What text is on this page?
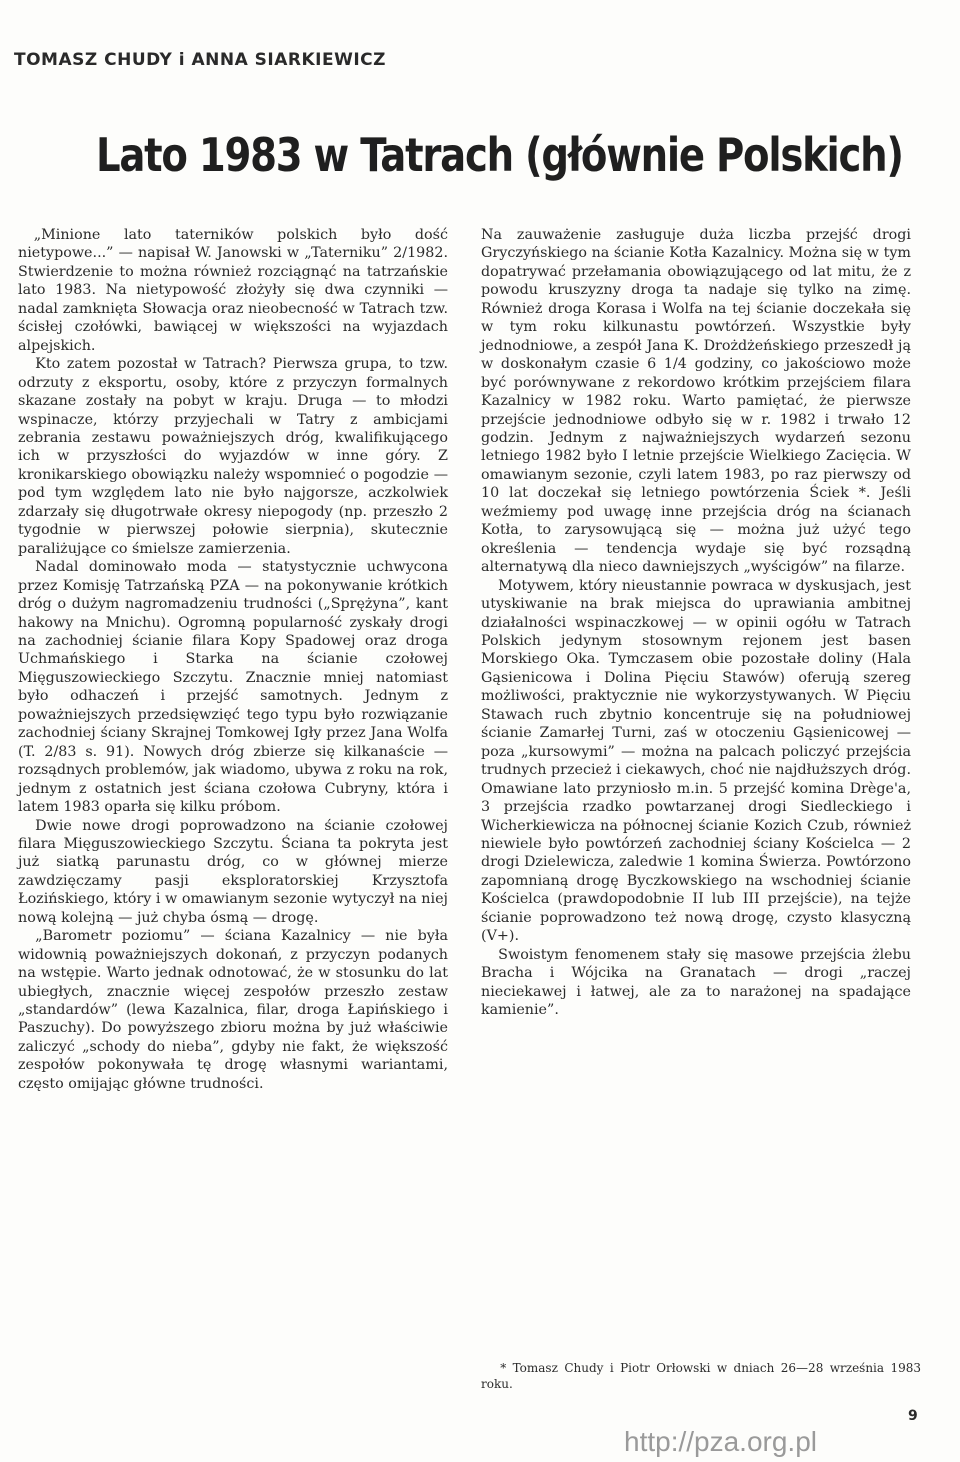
TOMASZ CHUDY i ANNA SIARKIEWICZ
Lato 1983 w Tatrach (głównie Polskich)

„Minione lato taterników polskich było dość nietypowe...” — napisał W. Janowski w „Taterniku” 2/1982. Stwierdzenie to można również rozciągnąć na tatrzańskie lato 1983. Na nietypowość złożyły się dwa czynniki — nadal zamknięta Słowacja oraz nieobecność w Tatrach tzw. ścisłej czołówki, bawiącej w większości na wyjazdach alpejskich.

Kto zatem pozostał w Tatrach? Pierwsza grupa, to tzw. odrzuty z eksportu, osoby, które z przyczyn formalnych skazane zostały na pobyt w kraju. Druga — to młodzi wspinacze, którzy przyjechali w Tatry z ambicjami zebrania zestawu poważniejszych dróg, kwalifikującego ich w przyszłości do wyjazdów w inne góry. Z kronikarskiego obowiązku należy wspomnieć o pogodzie — pod tym względem lato nie było najgorsze, aczkolwiek zdarzały się długotrwałe okresy niepogody (np. przeszło 2 tygodnie w pierwszej połowie sierpnia), skutecznie paraliżujące co śmielsze zamierzenia.

Nadal dominowało moda — statystycznie uchwycona przez Komisję Tatrzańską PZA — na pokonywanie krótkich dróg o dużym nagromadzeniu trudności („Sprężyna”, kant hakowy na Mnichu). Ogromną popularność zyskały drogi na zachodniej ścianie filara Kopy Spadowej oraz droga Uchmańskiego i Starka na ścianie czołowej Mięguszowieckiego Szczytu. Znacznie mniej natomiast było odhaczeń i przejść samotnych. Jednym z poważniejszych przedsięwzięć tego typu było rozwiązanie zachodniej ściany Skrajnej Tomkowej Igły przez Jana Wolfa (T. 2/83 s. 91). Nowych dróg zbierze się kilkanaście — rozsądnych problemów, jak wiadomo, ubywa z roku na rok, jednym z ostatnich jest ściana czołowa Cubryny, która i latem 1983 oparła się kilku próbom.

Dwie nowe drogi poprowadzono na ścianie czołowej filara Mięguszowieckiego Szczytu. Ściana ta pokryta jest już siatką parunastu dróg, co w głównej mierze zawdzięczamy pasji eksploratorskiej Krzysztofa Łozińskiego, który i w omawianym sezonie wytyczył na niej nową kolejną — już chyba ósmą — drogę.

„Barometr poziomu” — ściana Kazalnicy — nie była widownią poważniejszych dokonań, z przyczyn podanych na wstępie. Warto jednak odnotować, że w stosunku do lat ubiegłych, znacznie więcej zespołów przeszło zestaw „standardów” (lewa Kazalnica, filar, droga Łapińskiego i Paszuchy). Do powyższego zbioru można by już właściwie zaliczyć „schody do nieba”, gdyby nie fakt, że większość zespołów pokonywała tę drogę własnymi wariantami, często omijając główne trudności.

Na zauważenie zasługuje duża liczba przejść drogi Gryczyńskiego na ścianie Kotła Kazalnicy. Można się w tym dopatrywać przełamania obowiązującego od lat mitu, że z powodu kruszyzny droga ta nadaje się tylko na zimę. Również droga Korasa i Wolfa na tej ścianie doczekała się w tym roku kilkunastu powtórzeń. Wszystkie były jednodniowe, a zespół Jana K. Drożdżeńskiego przeszedł ją w doskonałym czasie 6 1/4 godziny, co jakościowo może być porównywane z rekordowo krótkim przejściem filara Kazalnicy w 1982 roku. Warto pamiętać, że pierwsze przejście jednodniowe odbyło się w r. 1982 i trwało 12 godzin. Jednym z najważniejszych wydarzeń sezonu letniego 1982 było I letnie przejście Wielkiego Zacięcia. W omawianym sezonie, czyli latem 1983, po raz pierwszy od 10 lat doczekał się letniego powtórzenia Ściek *. Jeśli weźmiemy pod uwagę inne przejścia dróg na ścianach Kotła, to zarysowującą się — można już użyć tego określenia — tendencja wydaje się być rozsądną alternatywą dla nieco dawniejszych „wyścigów” na filarze.

Motywem, który nieustannie powraca w dyskusjach, jest utyskiwanie na brak miejsca do uprawiania ambitnej działalności wspinaczkowej — w opinii ogółu w Tatrach Polskich jedynym stosownym rejonem jest basen Morskiego Oka. Tymczasem obie pozostałe doliny (Hala Gąsienicowa i Dolina Pięciu Stawów) oferują szereg możliwości, praktycznie nie wykorzystywanych. W Pięciu Stawach ruch zbytnio koncentruje się na południowej ścianie Zamarłej Turni, zaś w otoczeniu Gąsienicowej — poza „kursowymi” — można na palcach policzyć przejścia trudnych przecież i ciekawych, choć nie najdłuższych dróg. Omawiane lato przyniosło m.in. 5 przejść komina Drège'a, 3 przejścia rzadko powtarzanej drogi Siedleckiego i Wicherkiewicza na północnej ścianie Kozich Czub, również niewiele było powtórzeń zachodniej ściany Kościelca — 2 drogi Dzielewicza, zaledwie 1 komina Świerza. Powtórzono zapomnianą drogę Byczkowskiego na wschodniej ścianie Kościelca (prawdopodobnie II lub III przejście), na tejże ścianie poprowadzono też nową drogę, czysto klasyczną (V+).

Swoistym fenomenem stały się masowe przejścia żlebu Bracha i Wójcika na Granatach — drogi „raczej nieciekawej i łatwej, ale za to narażonej na spadające kamienie”.

* Tomasz Chudy i Piotr Orłowski w dniach 26—28 września 1983 roku.
9
http://pza.org.pl
